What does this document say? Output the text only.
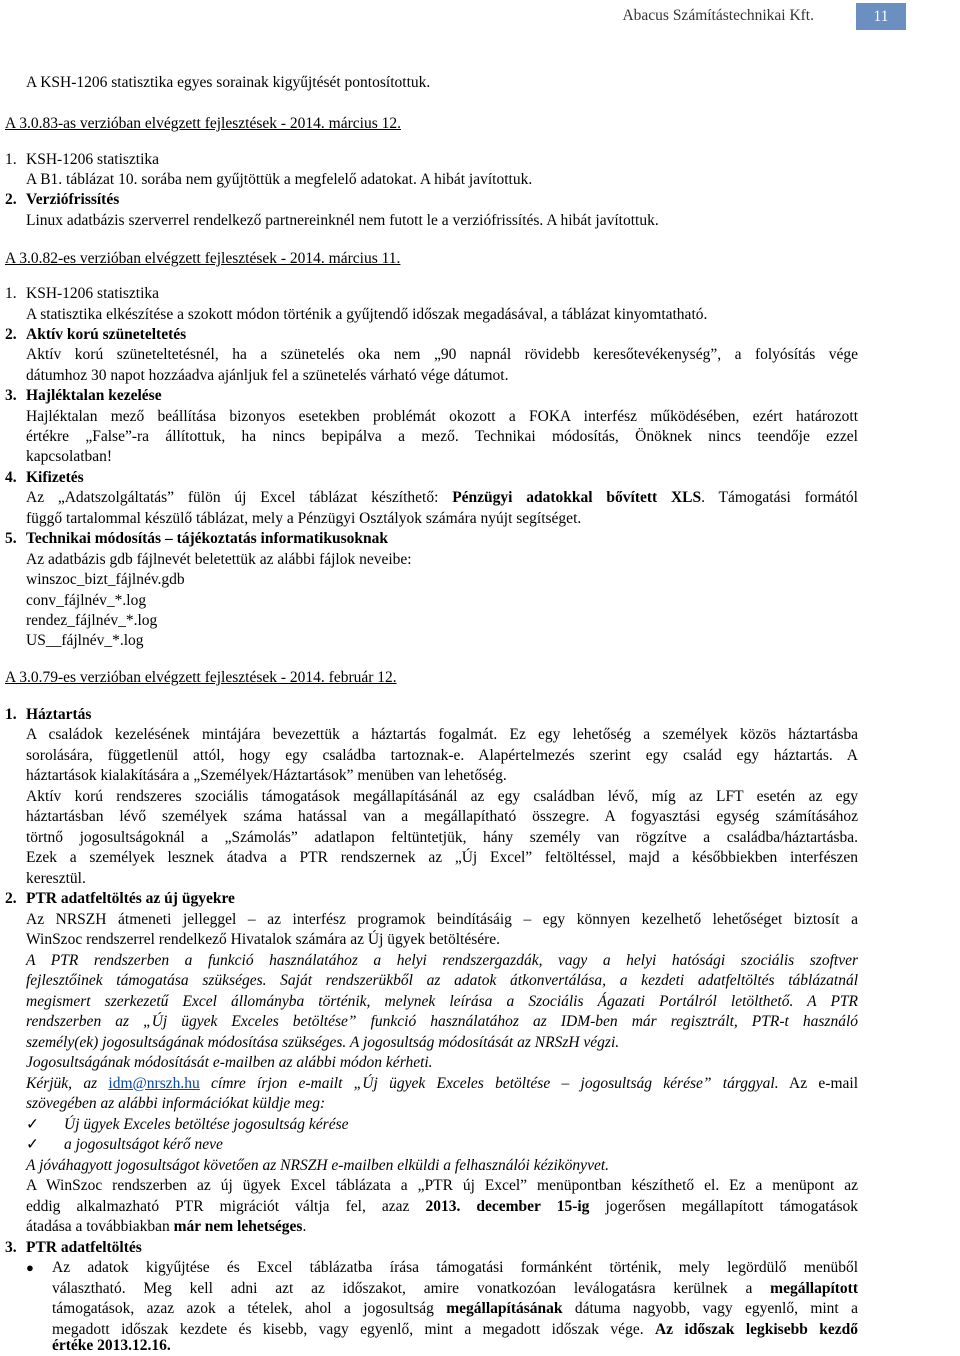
Abacus Számítástechnikai Kft.	11
A KSH-1206 statisztika egyes sorainak kigyűjtését pontosítottuk.
A 3.0.83-as verzióban elvégzett fejlesztések - 2014. március 12.
1. KSH-1206 statisztika
A B1. táblázat 10. sorába nem gyűjtöttük a megfelelő adatokat. A hibát javítottuk.
2. Verziófrissítés
Linux adatbázis szerverrel rendelkező partnereinknél nem futott le a verziófrissítés. A hibát javítottuk.
A 3.0.82-es verzióban elvégzett fejlesztések - 2014. március 11.
1. KSH-1206 statisztika
A statisztika elkészítése a szokott módon történik a gyűjtendő időszak megadásával, a táblázat kinyomtatható.
2. Aktív korú szüneteltetés
Aktív korú szüneteltetésnél, ha a szünetelés oka nem „90 napnál rövidebb keresőtevékenység”, a folyósítás vége
dátumhoz 30 napot hozzáadva ajánljuk fel a szünetelés várható vége dátumot.
3. Hajléktalan kezelése
Hajléktalan mező beállítása bizonyos esetekben problémát okozott a FOKA interfész működésében, ezért határozott
értékre „False”-ra állítottuk, ha nincs bepipálva a mező. Technikai módosítás, Önöknek nincs teendője ezzel
kapcsolatban!
4. Kifizetés
Az „Adatszolgáltatás” fülön új Excel táblázat készíthető: Pénzügyi adatokkal bővített XLS. Támogatási formától
függő tartalommal készülő táblázat, mely a Pénzügyi Osztályok számára nyújt segítséget.
5. Technikai módosítás – tájékoztatás informatikusoknak
Az adatbázis gdb fájlnevét beletettük az alábbi fájlok neveibe:
winszoc_bizt_fájlnév.gdb
conv_fájlnév_*.log
rendez_fájlnév_*.log
US__fájlnév_*.log
A 3.0.79-es verzióban elvégzett fejlesztések - 2014. február 12.
1. Háztartás
A családok kezelésének mintájára bevezettük a háztartás fogalmát. Ez egy lehetőség a személyek közös háztartásba
sorolására, függetlenül attól, hogy egy családba tartoznak-e. Alapértelmezés szerint egy család egy háztartás. A
háztartások kialakítására a „Személyek/Háztartások” menüben van lehetőség.
Aktív korú rendszeres szociális támogatások megállapításánál az egy családban lévő, míg az LFT esetén az egy
háztartásban lévő személyek száma hatással van a megállapítható összegre. A fogyasztási egység számításához
törtnő jogosultságoknál a „Számolás” adatlapon feltüntetjük, hány személy van rögzítve a családba/háztartásba.
Ezek a személyek lesznek átadva a PTR rendszernek az „Új Excel” feltöltéssel, majd a későbbiekben interfészen
keresztül.
2. PTR adatfeltöltés az új ügyekre
Az NRSZH átmeneti jelleggel – az interfész programok beindításáig – egy könnyen kezelhető lehetőséget biztosít a
WinSzoc rendszerrel rendelkező Hivatalok számára az Új ügyek betöltésére.
A PTR rendszerben a funkció használatához a helyi rendszergazdák, vagy a helyi hatósági szociális szoftver
fejlesztőinek támogatása szükséges. Saját rendszerükből az adatok átkonvertálása, a kezdeti adatfeltöltés táblázatnál
megismert szerkezetű Excel állományba történik, melynek leírása a Szociális Ágazati Portálról letölthető. A PTR
rendszerben az „Új ügyek Exceles betöltése” funkció használatához az IDM-ben már regisztrált, PTR-t használó
személy(ek) jogosultságának módosítása szükséges. A jogosultság módosítását az NRSzH végzi.
Jogosultságának módosítását e-mailben az alábbi módon kérheti.
Kérjük, az idm@nrszh.hu címre írjon e-mailt „Új ügyek Exceles betöltése – jogosultság kérése” tárggyal. Az e-mail
szövegében az alábbi információkat küldje meg:
✓ Új ügyek Exceles betöltése jogosultság kérése
✓ a jogosultságot kérő neve
A jóváhagyott jogosultságot követően az NRSZH e-mailben elküldi a felhasználói kézikönyvet.
A WinSzoc rendszerben az új ügyek Excel táblázata a „PTR új Excel” menüpontban készíthető el. Ez a menüpont az
eddig alkalmazható PTR migrációt váltja fel, azaz 2013. december 15-ig jogerősen megállapított támogatások
átadása a továbbiakban már nem lehetséges.
3. PTR adatfeltöltés
● Az adatok kigyűjtése és Excel táblázatba írása támogatási formánként történik, mely legördülő menüből
választható. Meg kell adni azt az időszakot, amire vonatkozóan leválogatásra kerülnek a megállapított
támogatások, azaz azok a tételek, ahol a jogosultság megállapításának dátuma nagyobb, vagy egyenlő, mint a
megadott időszak kezdete és kisebb, vagy egyenlő, mint a megadott időszak vége. Az időszak legkisebb kezdő
értéke 2013.12.16.
